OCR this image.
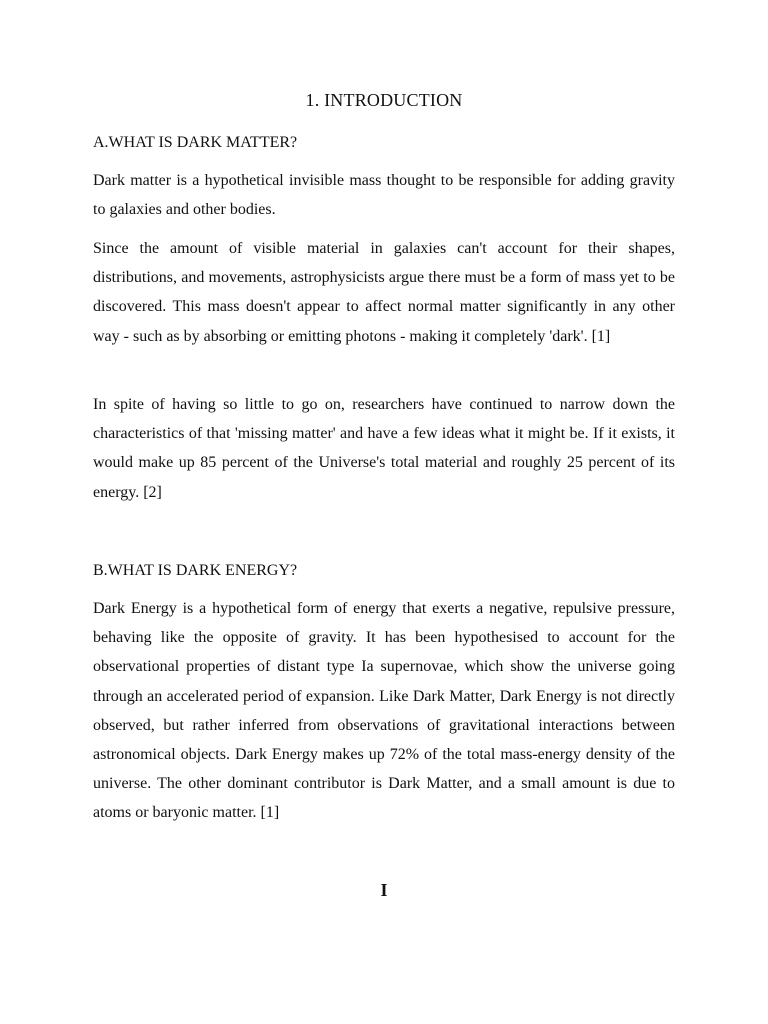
1. INTRODUCTION
A.WHAT IS DARK MATTER?

Dark matter is a hypothetical invisible mass thought to be responsible for adding gravity to galaxies and other bodies.

Since the amount of visible material in galaxies can't account for their shapes, distributions, and movements, astrophysicists argue there must be a form of mass yet to be discovered. This mass doesn't appear to affect normal matter significantly in any other way - such as by absorbing or emitting photons - making it completely 'dark'. [1]

In spite of having so little to go on, researchers have continued to narrow down the characteristics of that 'missing matter' and have a few ideas what it might be. If it exists, it would make up 85 percent of the Universe's total material and roughly 25 percent of its energy. [2]

B.WHAT IS DARK ENERGY?

Dark Energy is a hypothetical form of energy that exerts a negative, repulsive pressure, behaving like the opposite of gravity. It has been hypothesised to account for the observational properties of distant type Ia supernovae, which show the universe going through an accelerated period of expansion. Like Dark Matter, Dark Energy is not directly observed, but rather inferred from observations of gravitational interactions between astronomical objects. Dark Energy makes up 72% of the total mass-energy density of the universe. The other dominant contributor is Dark Matter, and a small amount is due to atoms or baryonic matter. [1]

I
